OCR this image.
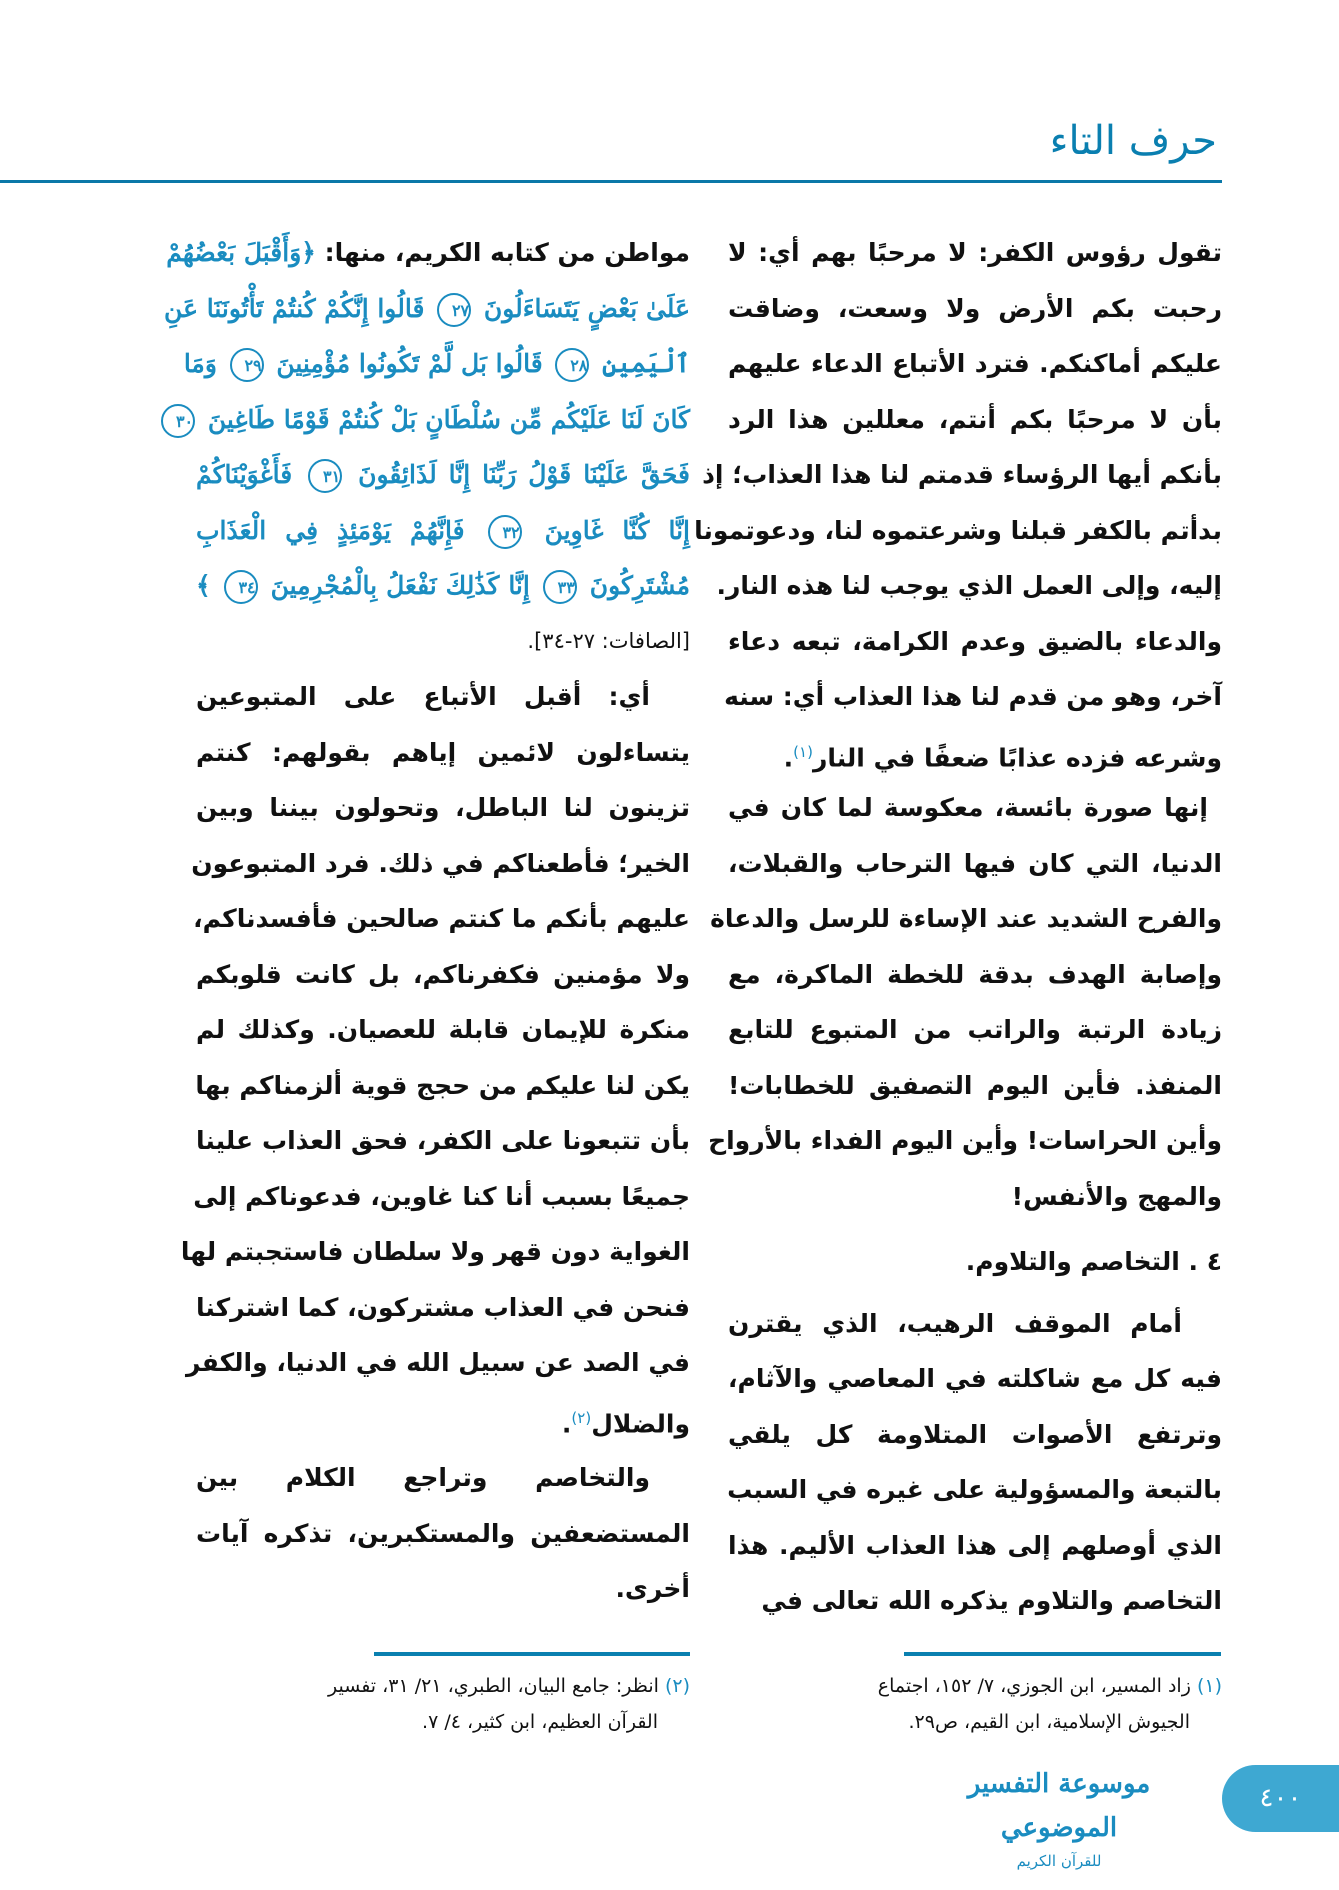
حرف التاء
تقول رؤوس الكفر: لا مرحبًا بهم أي: لا
رحبت بكم الأرض ولا وسعت، وضاقت
عليكم أماكنكم. فترد الأتباع الدعاء عليهم
بأن لا مرحبًا بكم أنتم، معللين هذا الرد
بأنكم أيها الرؤساء قدمتم لنا هذا العذاب؛ إذ
بدأتم بالكفر قبلنا وشرعتموه لنا، ودعوتمونا
إليه، وإلى العمل الذي يوجب لنا هذه النار.
والدعاء بالضيق وعدم الكرامة، تبعه دعاء
آخر، وهو من قدم لنا هذا العذاب أي: سنه
وشرعه فزده عذابًا ضعفًا في النار$^{(١)}$.
إنها صورة بائسة، معكوسة لما كان في
الدنيا، التي كان فيها الترحاب والقبلات،
والفرح الشديد عند الإساءة للرسل والدعاة
وإصابة الهدف بدقة للخطة الماكرة، مع
زيادة الرتبة والراتب من المتبوع للتابع
المنفذ. فأين اليوم التصفيق للخطابات!
وأين الحراسات! وأين اليوم الفداء بالأرواح
والمهج والأنفس!
٤ . التخاصم والتلاوم.
أمام الموقف الرهيب، الذي يقترن
فيه كل مع شاكلته في المعاصي والآثام،
وترتفع الأصوات المتلاومة كل يلقي
بالتبعة والمسؤولية على غيره في السبب
الذي أوصلهم إلى هذا العذاب الأليم. هذا
التخاصم والتلاوم يذكره الله تعالى في
مواطن من كتابه الكريم، منها: ﴿وَأَقْبَلَ بَعْضُهُمْ
عَلَىٰ بَعْضٍ يَتَسَاءَلُونَ ٢٧ قَالُوا إِنَّكُمْ كُنتُمْ تَأْتُونَنَا عَنِ
ٱلْيَمِينِ ٢٨ قَالُوا بَل لَّمْ تَكُونُوا مُؤْمِنِينَ ٢٩ وَمَا
كَانَ لَنَا عَلَيْكُم مِّن سُلْطَانٍ بَلْ كُنتُمْ قَوْمًا طَاغِينَ ٣٠
فَحَقَّ عَلَيْنَا قَوْلُ رَبِّنَا إِنَّا لَذَائِقُونَ ٣١ فَأَغْوَيْنَاكُمْ
إِنَّا كُنَّا غَاوِينَ ٣٢ فَإِنَّهُمْ يَوْمَئِذٍ فِي الْعَذَابِ
مُشْتَرِكُونَ ٣٣ إِنَّا كَذَٰلِكَ نَفْعَلُ بِالْمُجْرِمِينَ ٣٤ ﴾
[الصافات: ٢٧-٣٤].
أي: أقبل الأتباع على المتبوعين
يتساءلون لائمين إياهم بقولهم: كنتم
تزينون لنا الباطل، وتحولون بيننا وبين
الخير؛ فأطعناكم في ذلك. فرد المتبوعون
عليهم بأنكم ما كنتم صالحين فأفسدناكم،
ولا مؤمنين فكفرناكم، بل كانت قلوبكم
منكرة للإيمان قابلة للعصيان. وكذلك لم
يكن لنا عليكم من حجج قوية ألزمناكم بها
بأن تتبعونا على الكفر، فحق العذاب علينا
جميعًا بسبب أنا كنا غاوين، فدعوناكم إلى
الغواية دون قهر ولا سلطان فاستجبتم لها
فنحن في العذاب مشتركون، كما اشتركنا
في الصد عن سبيل الله في الدنيا، والكفر
والضلال$^{(٢)}$.
والتخاصم وتراجع الكلام بين
المستضعفين والمستكبرين، تذكره آيات
أخرى.
(١) زاد المسير، ابن الجوزي، ٧/ ١٥٢، اجتماع
الجيوش الإسلامية، ابن القيم، ص٢٩.
(٢) انظر: جامع البيان، الطبري، ٢١/ ٣١، تفسير
القرآن العظيم، ابن كثير، ٤/ ٧.
موسوعة التفسير الموضوعي
للقرآن الكريم
٤٠٠
